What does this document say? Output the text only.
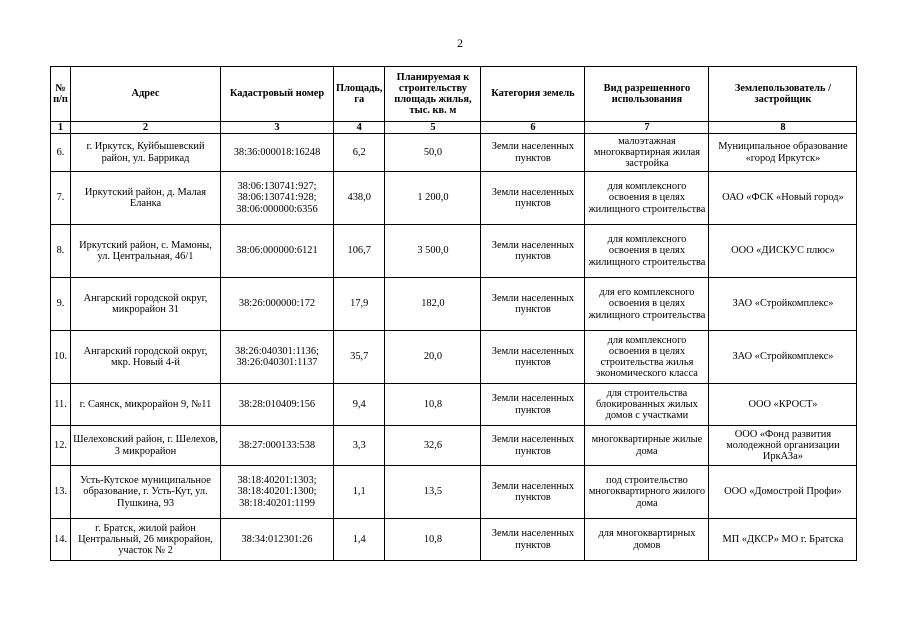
2
№ п/п	Адрес	Кадастровый номер	Площадь, га	Планируемая к строительству площадь жилья, тыс. кв. м	Категория земель	Вид разрешенного использования	Землепользователь / застройщик
1	2	3	4	5	6	7	8
6.	г. Иркутск, Куйбышевский район, ул. Баррикад	38:36:000018:16248	6,2	50,0	Земли населенных пунктов	малоэтажная многоквартирная жилая застройка	Муниципальное образование «город Иркутск»
7.	Иркутский район, д. Малая Еланка	38:06:130741:927; 38:06:130741:928; 38:06:000000:6356	438,0	1 200,0	Земли населенных пунктов	для комплексного освоения в целях жилищного строительства	ОАО «ФСК «Новый город»
8.	Иркутский район, с. Мамоны, ул. Центральная, 46/1	38:06:000000:6121	106,7	3 500,0	Земли населенных пунктов	для комплексного освоения в целях жилищного строительства	ООО «ДИСКУС плюс»
9.	Ангарский городской округ, микрорайон 31	38:26:000000:172	17,9	182,0	Земли населенных пунктов	для его комплексного освоения в целях жилищного строительства	ЗАО «Стройкомплекс»
10.	Ангарский городской округ, мкр. Новый 4-й	38:26:040301:1136; 38:26:040301:1137	35,7	20,0	Земли населенных пунктов	для комплексного освоения в целях строительства жилья экономического класса	ЗАО «Стройкомплекс»
11.	г. Саянск, микрорайон 9, №11	38:28:010409:156	9,4	10,8	Земли населенных пунктов	для строительства блокированных жилых домов с участками	ООО «КРОСТ»
12.	Шелеховский район, г. Шелехов, 3 микрорайон	38:27:000133:538	3,3	32,6	Земли населенных пунктов	многоквартирные жилые дома	ООО «Фонд развития молодежной организации ИркАЗа»
13.	Усть-Кутское муниципальное образование, г. Усть-Кут, ул. Пушкина, 93	38:18:40201:1303; 38:18:40201:1300; 38:18:40201:1199	1,1	13,5	Земли населенных пунктов	под строительство многоквартирного жилого дома	ООО «Домострой Профи»
14.	г. Братск, жилой район Центральный, 26 микрорайон, участок № 2	38:34:012301:26	1,4	10,8	Земли населенных пунктов	для многоквартирных домов	МП «ДКСР» МО г. Братска
